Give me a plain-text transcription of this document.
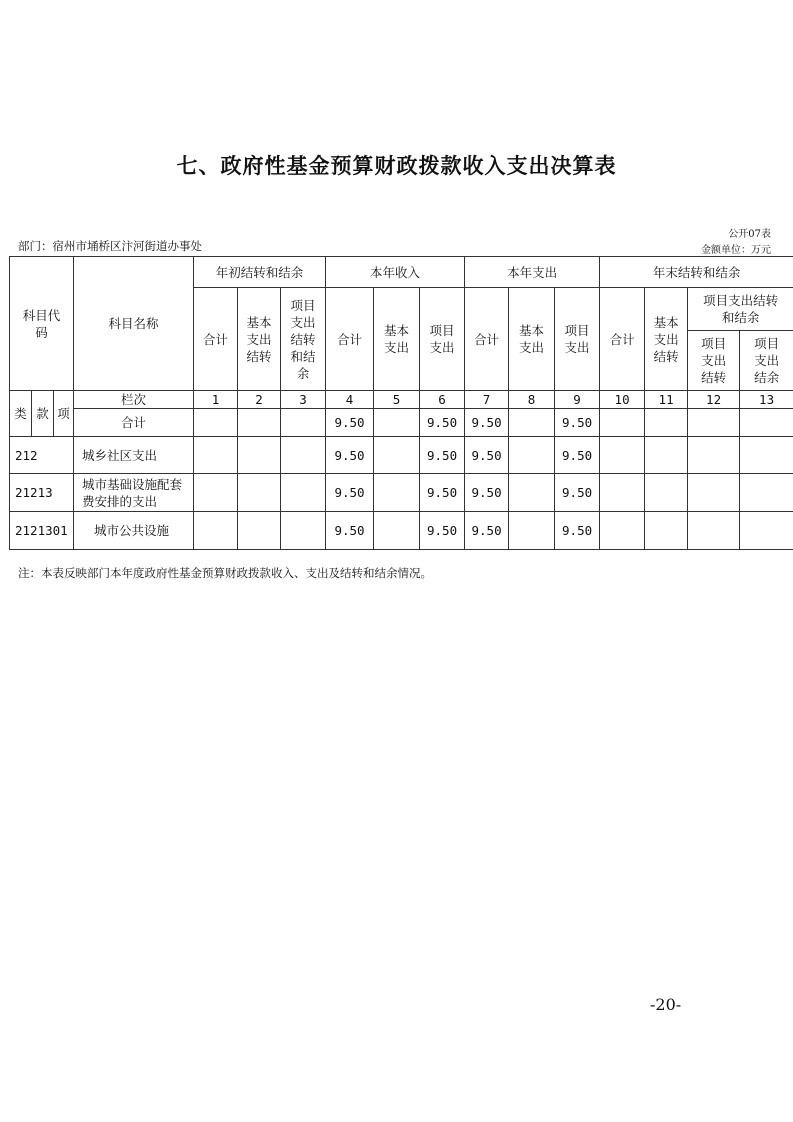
七、政府性基金预算财政拨款收入支出决算表
公开07表
部门：宿州市埇桥区汴河街道办事处	金额单位：万元
科目代码			科目名称	年初结转和结余			本年收入			本年支出			年末结转和结余			
				合计	基本支出结转	项目支出结转和结余	合计	基本支出	项目支出	合计	基本支出	项目支出	合计	基本支出结转	项目支出结转和结余	
															项目支出结转	项目支出结余
类	款	项	栏次	1	2	3	4	5	6	7	8	9	10	11	12	13
			合计				9.50		9.50	9.50		9.50				
212			城乡社区支出				9.50		9.50	9.50		9.50				
21213			城市基础设施配套费安排的支出				9.50		9.50	9.50		9.50				
2121301			城市公共设施				9.50		9.50	9.50		9.50				
注：本表反映部门本年度政府性基金预算财政拨款收入、支出及结转和结余情况。
-20-
